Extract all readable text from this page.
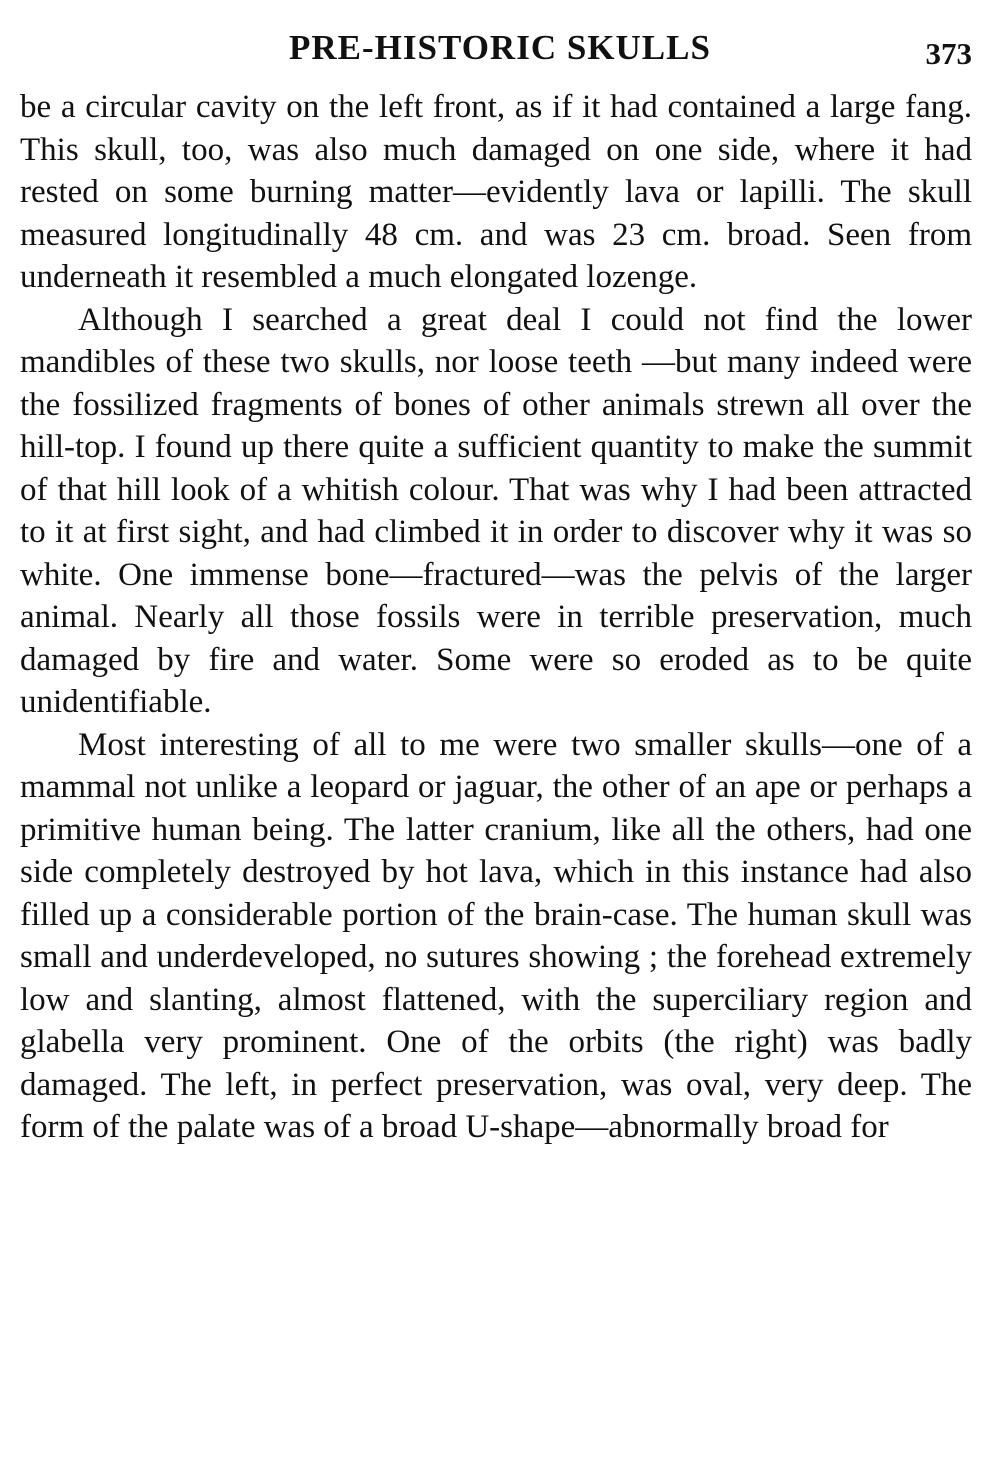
PRE-HISTORIC SKULLS	373

be a circular cavity on the left front, as if it had contained a large fang. This skull, too, was also much damaged on one side, where it had rested on some burning matter—evidently lava or lapilli. The skull measured longitudinally 48 cm. and was 23 cm. broad. Seen from underneath it resembled a much elongated lozenge.

Although I searched a great deal I could not find the lower mandibles of these two skulls, nor loose teeth —but many indeed were the fossilized fragments of bones of other animals strewn all over the hill-top. I found up there quite a sufficient quantity to make the summit of that hill look of a whitish colour. That was why I had been attracted to it at first sight, and had climbed it in order to discover why it was so white. One immense bone—fractured—was the pelvis of the larger animal. Nearly all those fossils were in terrible preservation, much damaged by fire and water. Some were so eroded as to be quite unidentifiable.

Most interesting of all to me were two smaller skulls—one of a mammal not unlike a leopard or jaguar, the other of an ape or perhaps a primitive human being. The latter cranium, like all the others, had one side completely destroyed by hot lava, which in this instance had also filled up a considerable portion of the brain-case. The human skull was small and underdeveloped, no sutures showing ; the forehead extremely low and slanting, almost flattened, with the superciliary region and glabella very prominent. One of the orbits (the right) was badly damaged. The left, in perfect preservation, was oval, very deep. The form of the palate was of a broad U-shape—abnormally broad for
